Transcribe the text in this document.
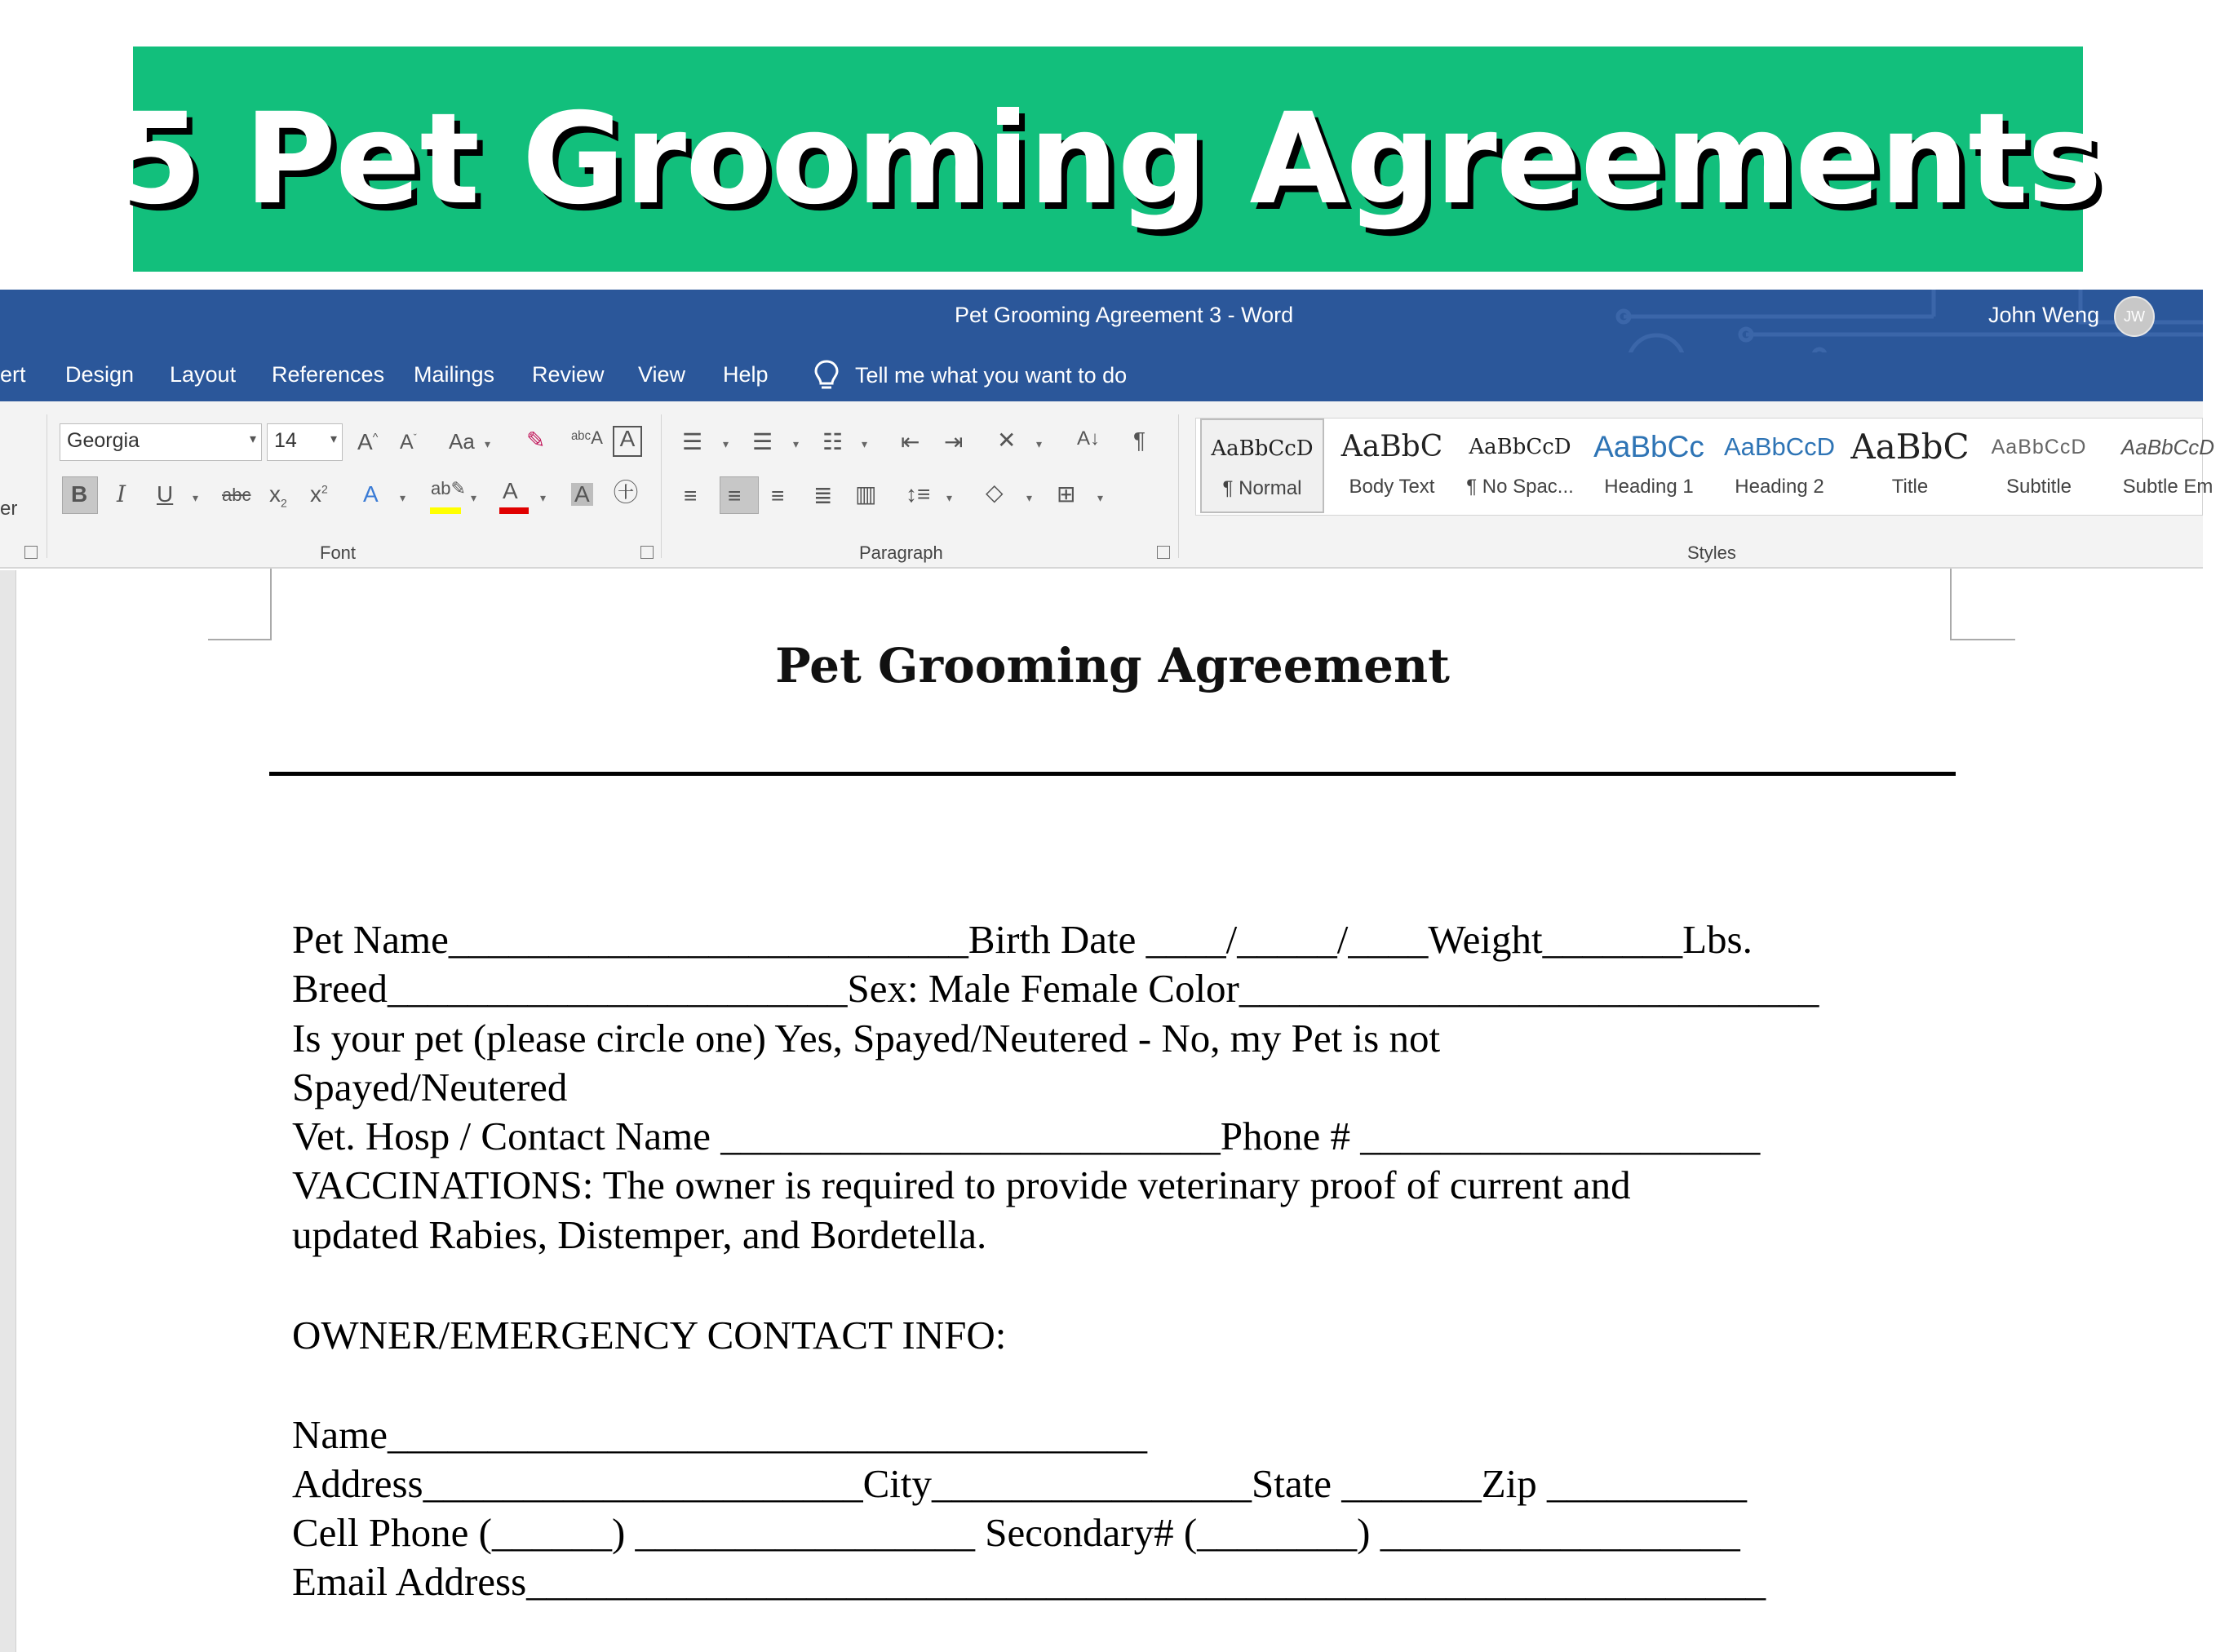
5 Pet Grooming Agreements
Pet Grooming Agreement 3 - Word	John Weng	JW
ert Design Layout References Mailings Review View Help	Tell me what you want to do
er
Georgia	▾ 14	▾ A^ $A^ˇ$ Aa ▾ ✎ ᵃᵇᶜA A
B I U ▾ abc $x_2$ $x^2$ A ▾ ab✎ ▾ A ▾ A ㊉
Font
☰ ▾ ☰ ▾ ☷ ▾ ⇤ ⇥ ✕ ▾ A↓ ¶
≡ ≡ ≡ ≣ ▥ ↕≡ ▾ ◇ ▾ ⊞ ▾
Paragraph
AaBbCcD
¶ Normal
AaBbC
Body Text
AaBbCcD
¶ No Spac...
AaBbCc
Heading 1
AaBbCcD
Heading 2
AaBbC
Title
AaBbCcD
Subtitle
AaBbCcD
Subtle Em
Styles
Pet Grooming Agreement
Pet Name__________________________Birth Date ____/_____/____Weight_______Lbs.
Breed_______________________Sex: Male Female Color_____________________________
Is your pet (please circle one) Yes, Spayed/Neutered - No, my Pet is not
Spayed/Neutered
Vet. Hosp / Contact Name _________________________Phone # ____________________
VACCINATIONS: The owner is required to provide veterinary proof of current and
updated Rabies, Distemper, and Bordetella.
OWNER/EMERGENCY CONTACT INFO:
Name______________________________________
Address______________________City________________State _______Zip __________
Cell Phone (______) _________________ Secondary# (________) __________________
Email Address______________________________________________________________
